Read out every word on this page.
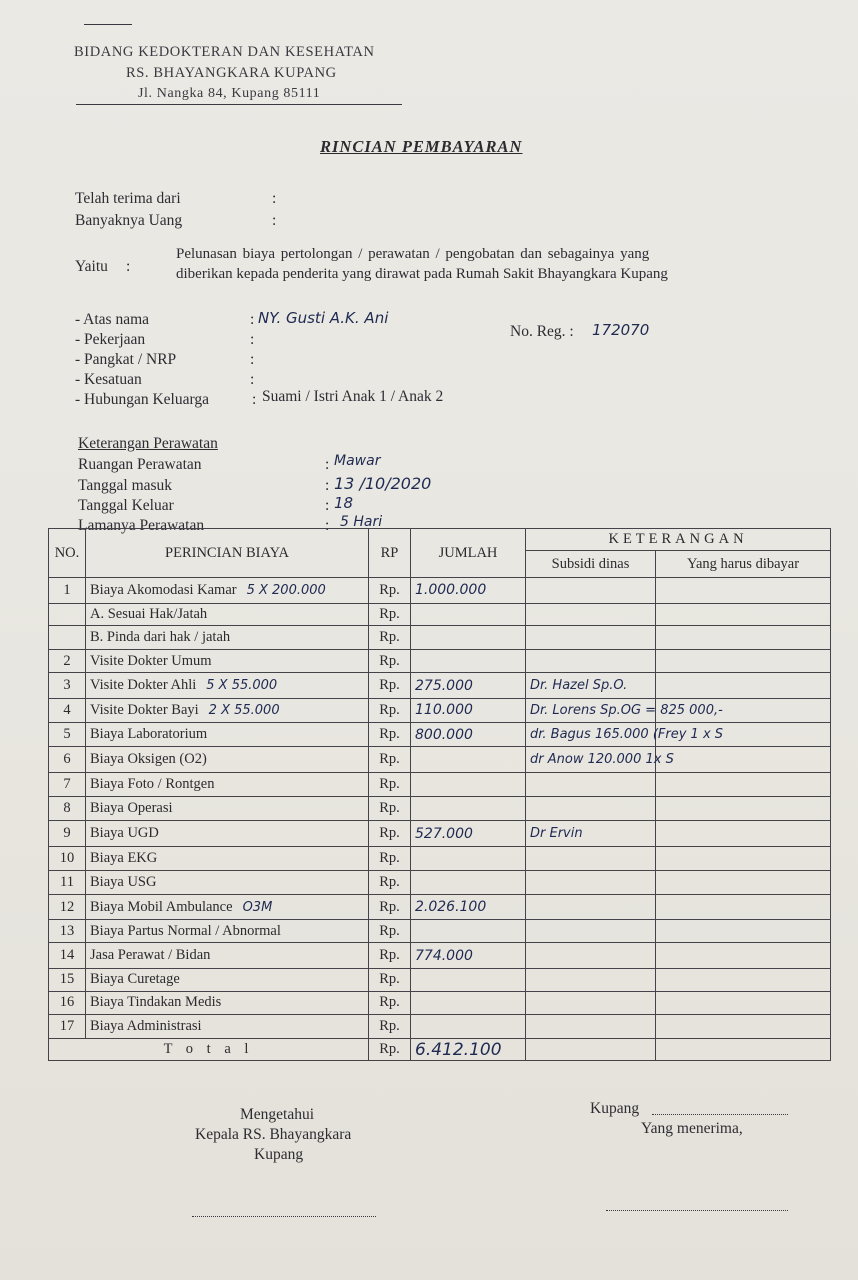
BIDANG KEDOKTERAN DAN KESEHATAN
RS. BHAYANGKARA KUPANG
Jl. Nangka 84, Kupang 85111
RINCIAN PEMBAYARAN
Telah terima dari	:
Banyaknya Uang	:
Yaitu :
Pelunasan biaya pertolongan / perawatan / pengobatan dan sebagainya yang
diberikan kepada penderita yang dirawat pada Rumah Sakit Bhayangkara Kupang
- Atas nama	: NY. Gusti A.K. Ani
- Pekerjaan	:	No. Reg. : 172070
- Pangkat / NRP	:
- Kesatuan	:
- Hubungan Keluarga	: Suami / Istri Anak 1 / Anak 2
Keterangan Perawatan
Ruangan Perawatan	: Mawar
Tanggal masuk	: 13 /10/2020
Tanggal Keluar	: 18
Lamanya Perawatan	: 5 Hari
NO.	PERINCIAN BIAYA	RP	JUMLAH	KETERANGAN	
				Subsidi dinas	Yang harus dibayar
1	Biaya Akomodasi Kamar 5 X 200.000	Rp.	1.000.000		
	A. Sesuai Hak/Jatah	Rp.			
	B. Pinda dari hak / jatah	Rp.			
2	Visite Dokter Umum	Rp.			
3	Visite Dokter Ahli 5 X 55.000	Rp.	275.000	Dr. Hazel Sp.O.	
4	Visite Dokter Bayi 2 X 55.000	Rp.	110.000	Dr. Lorens Sp.OG = 825 000,-	
5	Biaya Laboratorium	Rp.	800.000	dr. Bagus 165.000 (Frey 1 x S	
6	Biaya Oksigen (O2)	Rp.		dr Anow 120.000 1x S	
7	Biaya Foto / Rontgen	Rp.			
8	Biaya Operasi	Rp.			
9	Biaya UGD	Rp.	527.000	Dr Ervin	
10	Biaya EKG	Rp.			
11	Biaya USG	Rp.			
12	Biaya Mobil Ambulance O3M	Rp.	2.026.100		
13	Biaya Partus Normal / Abnormal	Rp.			
14	Jasa Perawat / Bidan	Rp.	774.000		
15	Biaya Curetage	Rp.			
16	Biaya Tindakan Medis	Rp.			
17	Biaya Administrasi	Rp.			
T o t a l		Rp.	6.412.100		
Mengetahui
Kepala RS. Bhayangkara
Kupang
Kupang
Yang menerima,
